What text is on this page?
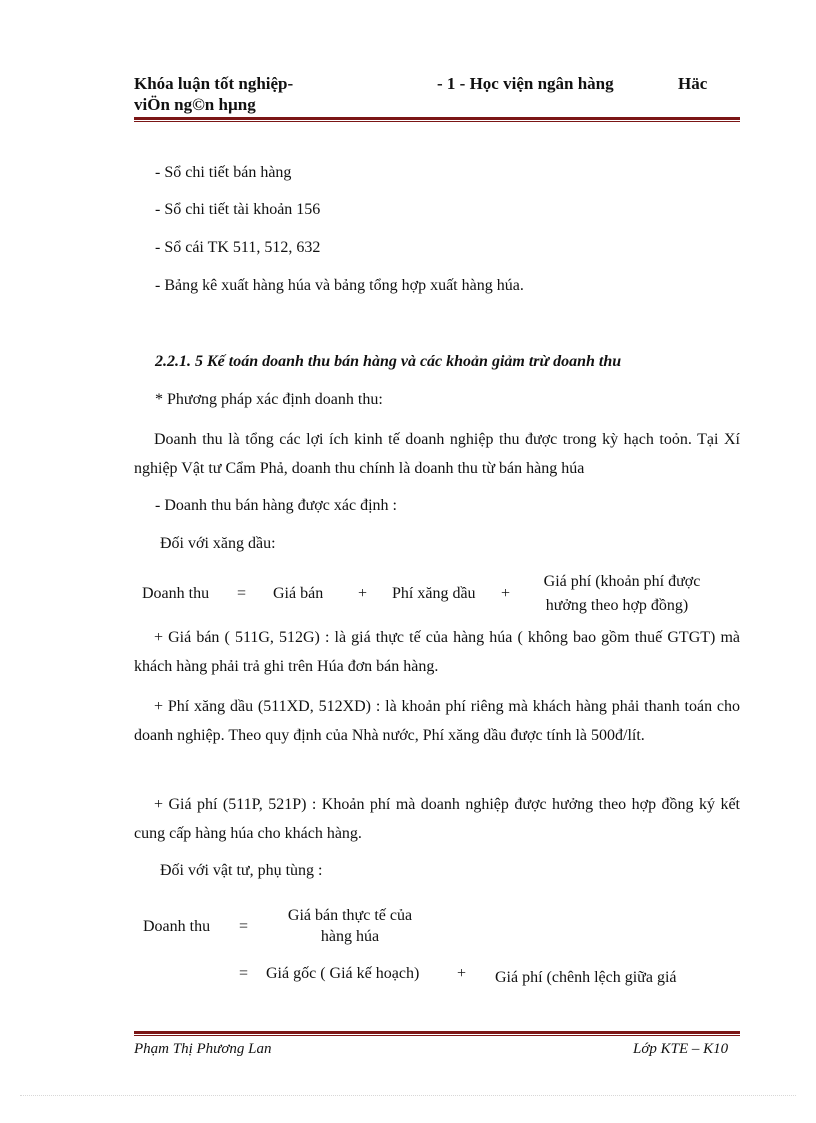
Khóa luận tốt nghiệp-
viÖn ng©n hµng
- 1 - Học viện ngân hàng	Häc
- Sổ chi tiết bán hàng
- Sổ chi tiết tài khoản 156
- Sổ cái TK 511, 512, 632
- Bảng kê xuất hàng húa và bảng tổng hợp xuất hàng húa.
2.2.1. 5 Kế toán doanh thu bán hàng và các khoản giảm trừ doanh thu
* Phương pháp xác định doanh thu:
Doanh thu là tổng các lợi ích kinh tế doanh nghiệp thu được trong kỳ hạch toỏn. Tại Xí nghiệp Vật tư Cẩm Phả, doanh thu chính là doanh thu từ bán hàng húa
- Doanh thu bán hàng được xác định :
Đối với xăng dầu:
Doanh thu = Giá bán + Phí xăng dầu +
Giá phí (khoản phí được
hưởng theo hợp đồng)
+ Giá bán ( 511G, 512G) : là giá thực tế của hàng húa ( không bao gồm thuế GTGT) mà khách hàng phải trả ghi trên Húa đơn bán hàng.
+ Phí xăng dầu (511XD, 512XD) : là khoản phí riêng mà khách hàng phải thanh toán cho doanh nghiệp. Theo quy định của Nhà nước, Phí xăng dầu được tính là 500đ/lít.
+ Giá phí (511P, 521P) : Khoản phí mà doanh nghiệp được hưởng theo hợp đồng ký kết cung cấp hàng húa cho khách hàng.
Đối với vật tư, phụ tùng :
Doanh thu =
Giá bán thực tế của
hàng húa
= Giá gốc ( Giá kế hoạch) + Giá phí (chênh lệch giữa giá
Phạm Thị Phương Lan	Lớp KTE – K10
